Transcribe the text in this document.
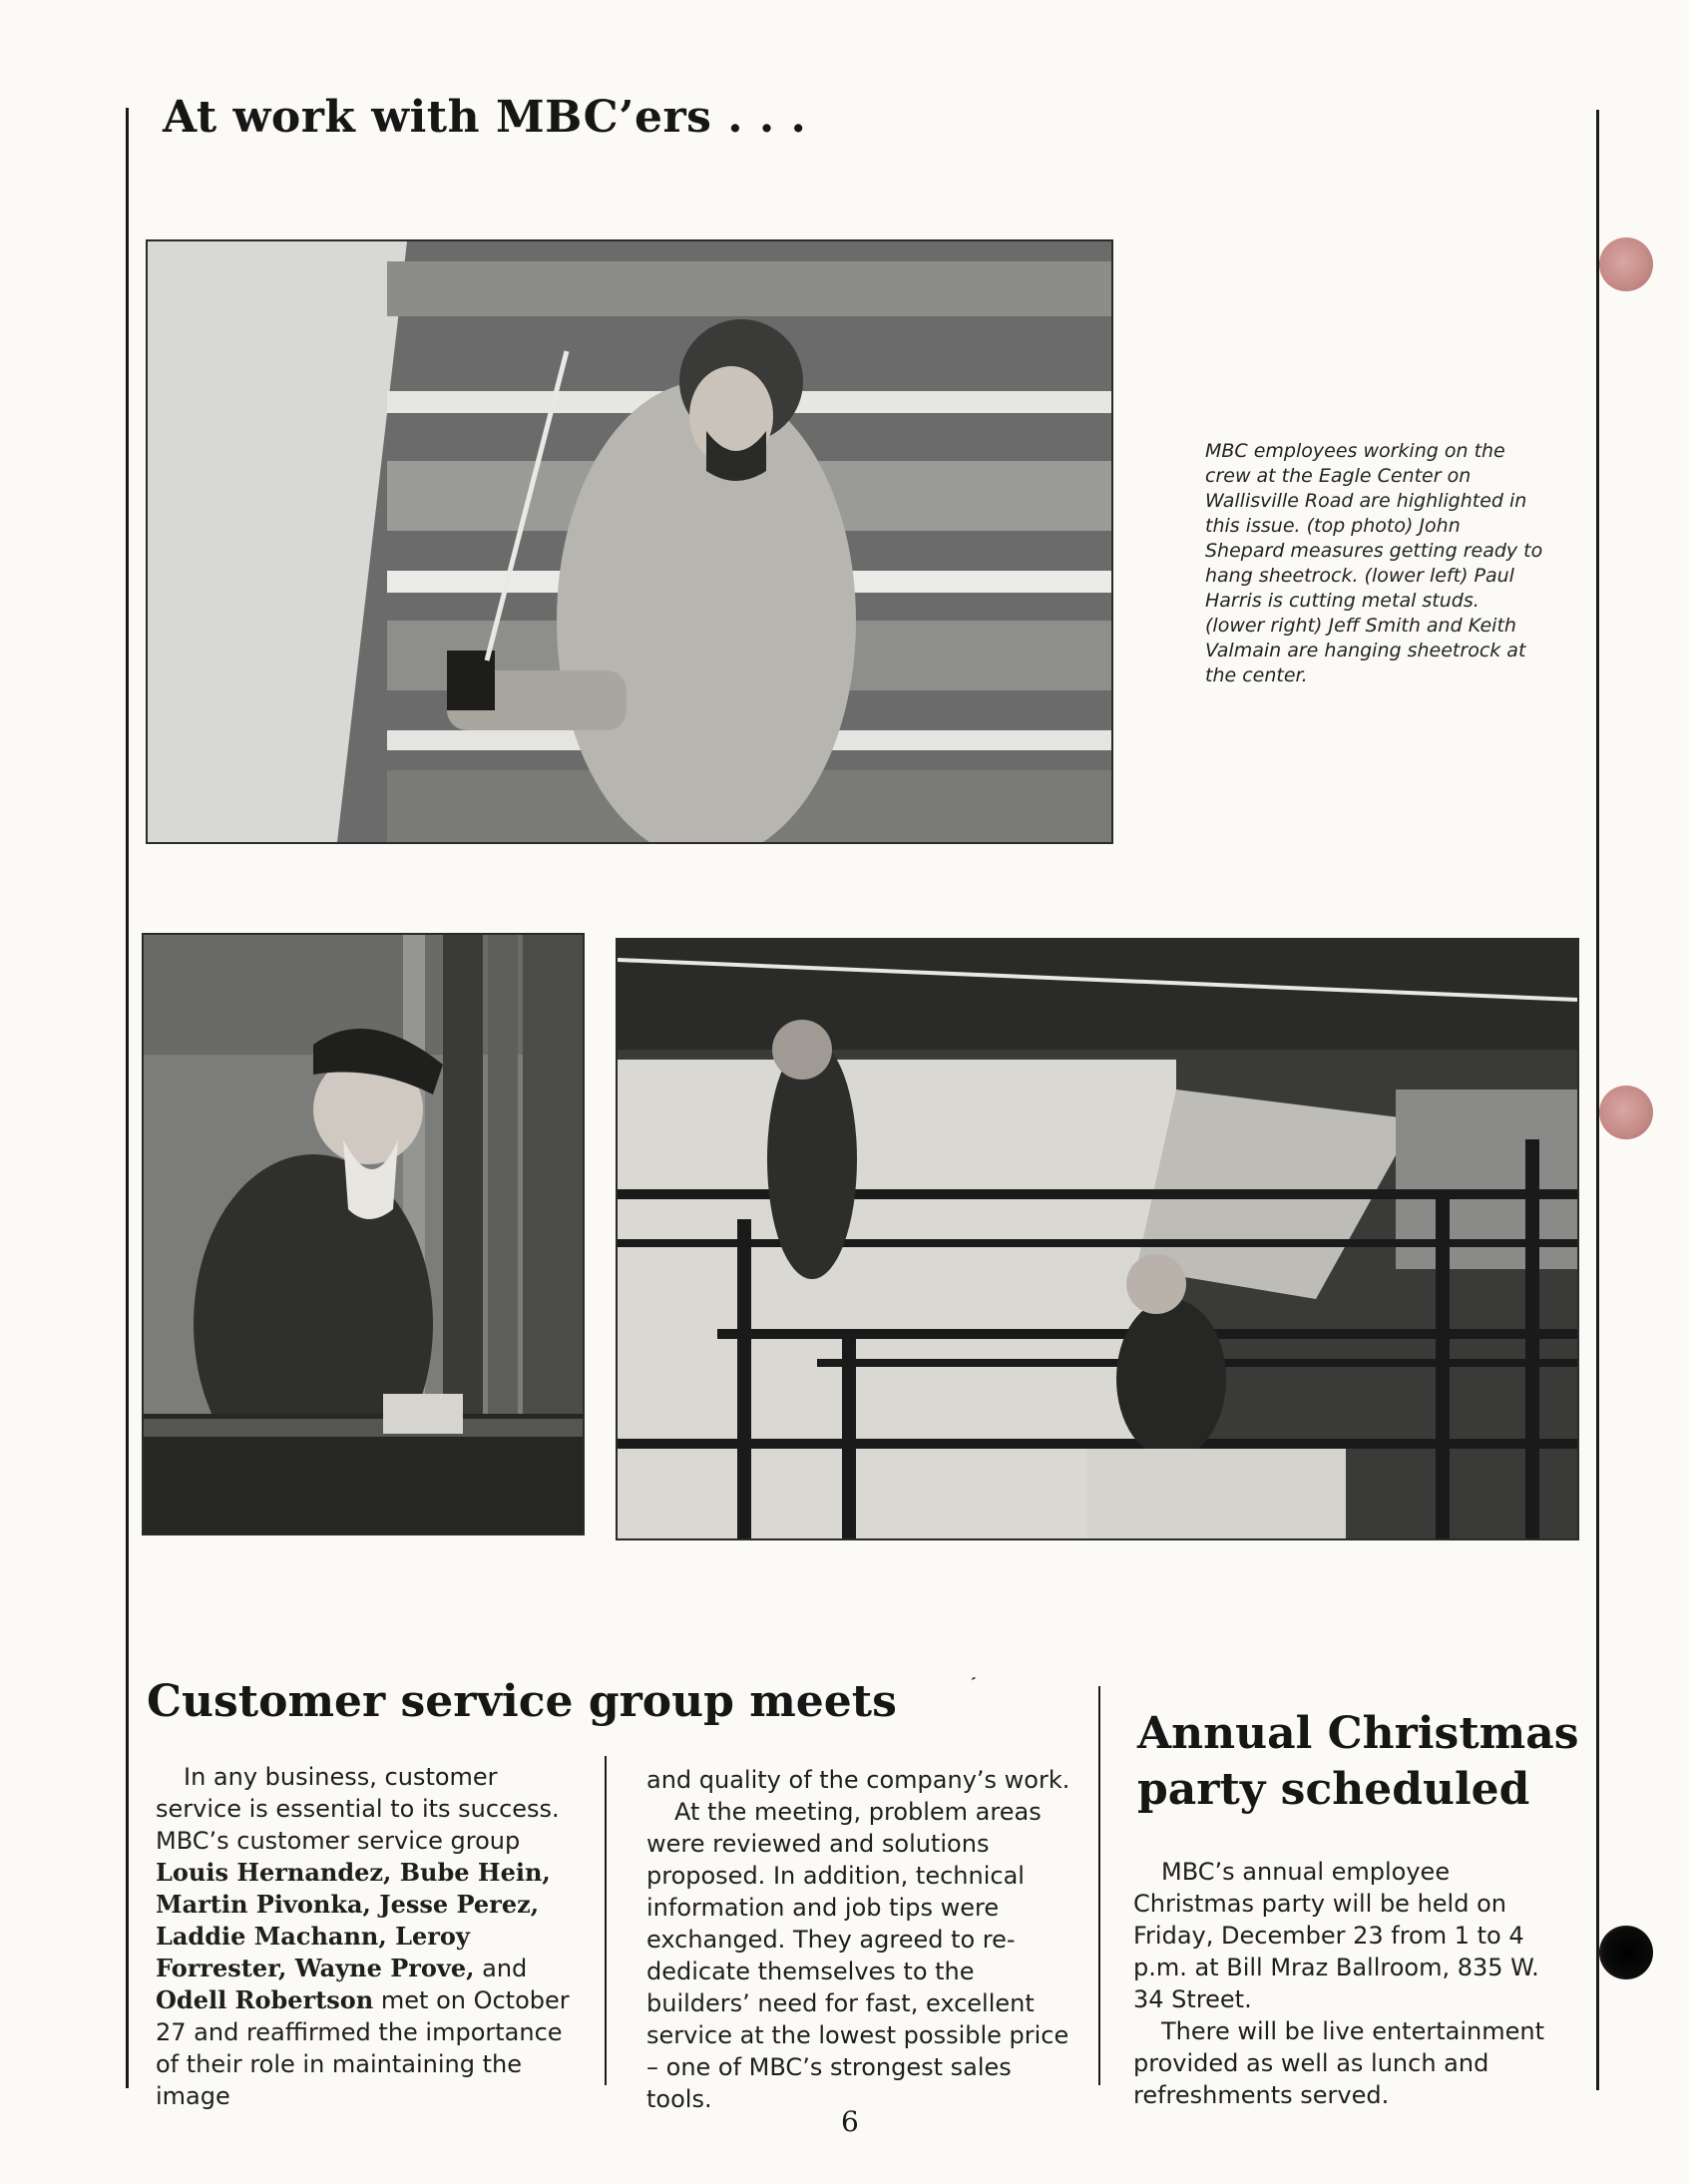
At work with MBC’ers . . .
MBC employees working on the crew at the Eagle Center on Wallisville Road are highlighted in this issue. (top photo) John Shepard measures getting ready to hang sheetrock. (lower left) Paul Harris is cutting metal studs. (lower right) Jeff Smith and Keith Valmain are hanging sheetrock at the center.
Customer service group meets

In any business, customer service is essential to its success. MBC’s customer service group Louis Hernandez, Bube Hein, Martin Pivonka, Jesse Perez, Laddie Machann, Leroy Forrester, Wayne Prove, and Odell Robertson met on October 27 and reaffirmed the importance of their role in maintaining the image

and quality of the company’s work.

At the meeting, problem areas were reviewed and solutions proposed. In addition, technical information and job tips were exchanged. They agreed to re-dedicate themselves to the builders’ need for fast, excellent service at the lowest possible price – one of MBC’s strongest sales tools.

Annual Christmas party scheduled

MBC’s annual employee Christmas party will be held on Friday, December 23 from 1 to 4 p.m. at Bill Mraz Ballroom, 835 W. 34 Street.

There will be live entertainment provided as well as lunch and refreshments served.

ˏ
6
